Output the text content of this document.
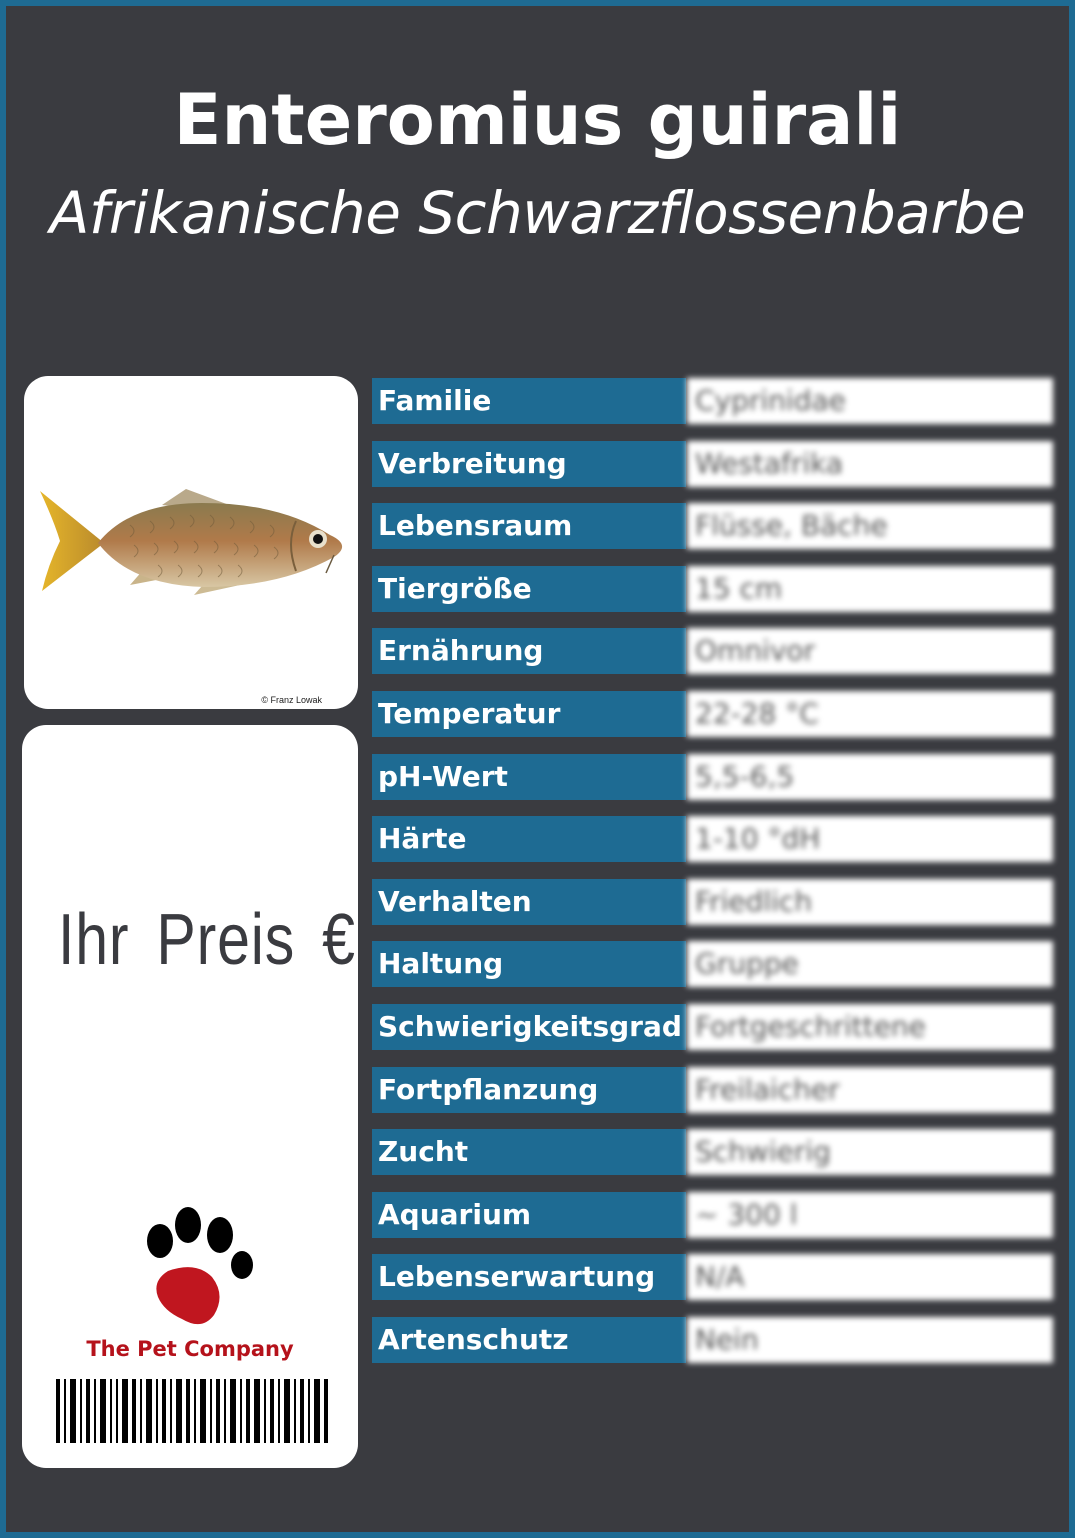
Enteromius guirali
Afrikanische Schwarzflossenbarbe
© Franz Lowak
Ihr Preis €
The Pet Company
Familie	Cyprinidae
Verbreitung	Westafrika
Lebensraum	Flüsse, Bäche
Tiergröße	15 cm
Ernährung	Omnivor
Temperatur	22-28 °C
pH-Wert	5,5-6,5
Härte	1-10 °dH
Verhalten	Friedlich
Haltung	Gruppe
Schwierigkeitsgrad Fortgeschrittene
Fortpflanzung	Freilaicher
Zucht	Schwierig
Aquarium	~ 300 l
Lebenserwartung	N/A
Artenschutz	Nein
